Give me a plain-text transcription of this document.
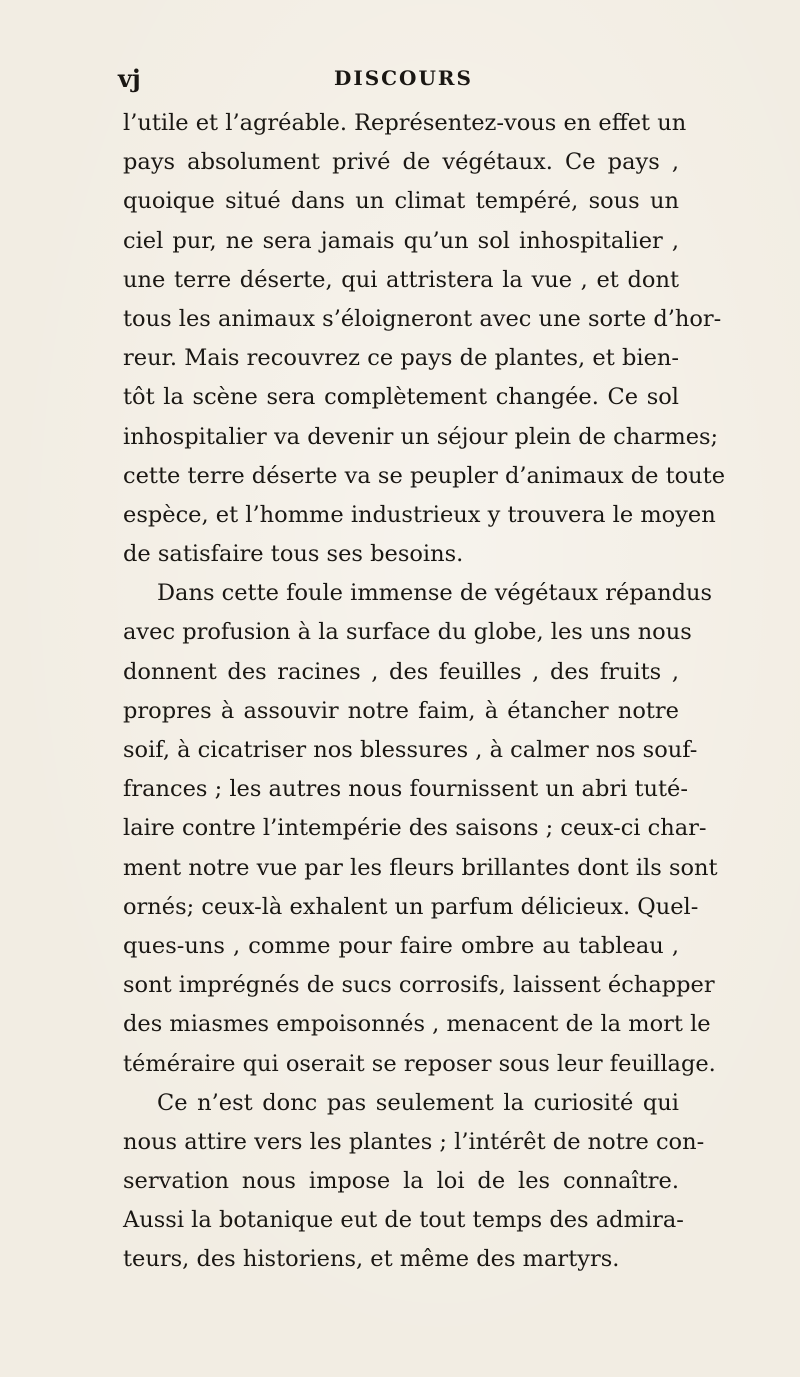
vj	DISCOURS
l’utile et l’agréable. Représentez-vous en effet un
pays absolument privé de végétaux. Ce pays ,
quoique situé dans un climat tempéré, sous un
ciel pur, ne sera jamais qu’un sol inhospitalier ,
une terre déserte, qui attristera la vue , et dont
tous les animaux s’éloigneront avec une sorte d’hor-
reur. Mais recouvrez ce pays de plantes, et bien-
tôt la scène sera complètement changée. Ce sol
inhospitalier va devenir un séjour plein de charmes;
cette terre déserte va se peupler d’animaux de toute
espèce, et l’homme industrieux y trouvera le moyen
de satisfaire tous ses besoins.
Dans cette foule immense de végétaux répandus
avec profusion à la surface du globe, les uns nous
donnent des racines , des feuilles , des fruits ,
propres à assouvir notre faim, à étancher notre
soif, à cicatriser nos blessures , à calmer nos souf-
frances ; les autres nous fournissent un abri tuté-
laire contre l’intempérie des saisons ; ceux-ci char-
ment notre vue par les fleurs brillantes dont ils sont
ornés; ceux-là exhalent un parfum délicieux. Quel-
ques-uns , comme pour faire ombre au tableau ,
sont imprégnés de sucs corrosifs, laissent échapper
des miasmes empoisonnés , menacent de la mort le
téméraire qui oserait se reposer sous leur feuillage.
Ce n’est donc pas seulement la curiosité qui
nous attire vers les plantes ; l’intérêt de notre con-
servation nous impose la loi de les connaître.
Aussi la botanique eut de tout temps des admira-
teurs, des historiens, et même des martyrs.
